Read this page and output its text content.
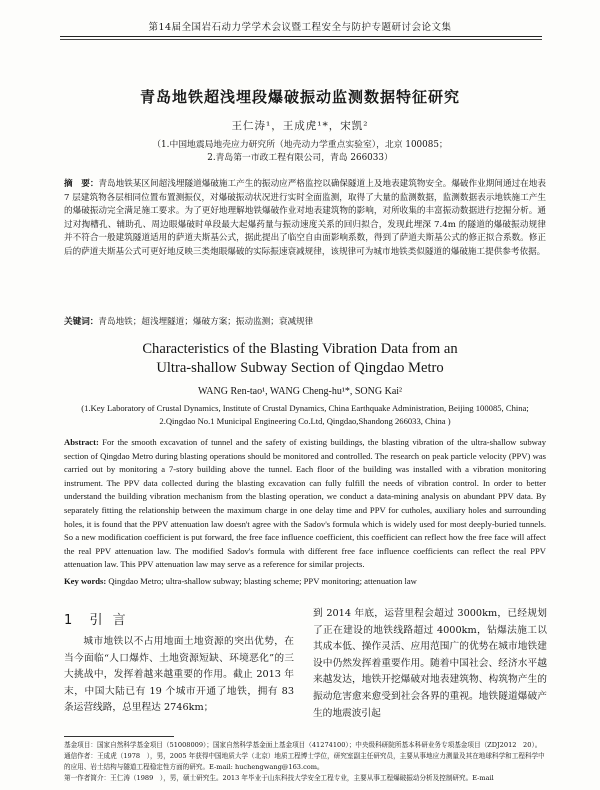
第14届全国岩石动力学学术会议暨工程安全与防护专题研讨会论文集
青岛地铁超浅埋段爆破振动监测数据特征研究
王仁涛¹，王成虎¹*，宋凯²
（1.中国地震局地壳应力研究所（地壳动力学重点实验室），北京 100085；
2.青岛第一市政工程有限公司，青岛 266033）
摘　要：青岛地铁某区间超浅埋隧道爆破施工产生的振动应严格监控以确保隧道上及地表建筑物安全。爆破作业期间通过在地表 7 层建筑物各层相同位置布置测振仪，对爆破振动状况进行实时全面监测，取得了大量的监测数据，监测数据表示地铁施工产生的爆破振动完全满足施工要求。为了更好地理解地铁爆破作业对地表建筑物的影响，对所收集的丰富振动数据进行挖掘分析。通过对掏槽孔、辅助孔、周边眼爆破时单段最大起爆药量与振动速度关系的回归拟合，发现此埋深 7.4m 的隧道的爆破振动规律并不符合一般建筑隧道适用的萨道夫斯基公式，据此提出了临空自由面影响系数，得到了萨道夫斯基公式的修正拟合系数。修正后的萨道夫斯基公式可更好地反映三类炮眼爆破的实际振速衰减规律，该规律可为城市地铁类似隧道的爆破施工提供参考依据。
关键词：青岛地铁；超浅埋隧道；爆破方案；振动监测；衰减规律
Characteristics of the Blasting Vibration Data from an
Ultra-shallow Subway Section of Qingdao Metro
WANG Ren-tao¹, WANG Cheng-hu¹*, SONG Kai²
(1.Key Laboratory of Crustal Dynamics, Institute of Crustal Dynamics, China Earthquake Administration, Beijing 100085, China;
2.Qingdao No.1 Municipal Engineering Co.Ltd, Qingdao,Shandong 266033, China )
Abstract: For the smooth excavation of tunnel and the safety of existing buildings, the blasting vibration of the ultra-shallow subway section of Qingdao Metro during blasting operations should be monitored and controlled. The research on peak particle velocity (PPV) was carried out by monitoring a 7-story building above the tunnel. Each floor of the building was installed with a vibration monitoring instrument. The PPV data collected during the blasting excavation can fully fulfill the needs of vibration control. In order to better understand the building vibration mechanism from the blasting operation, we conduct a data-mining analysis on abundant PPV data. By separately fitting the relationship between the maximum charge in one delay time and PPV for cutholes, auxiliary holes and surrounding holes, it is found that the PPV attenuation law doesn't agree with the Sadov's formula which is widely used for most deeply-buried tunnels. So a new modification coefficient is put forward, the free face influence coefficient, this coefficient can reflect how the free face will affect the real PPV attenuation law. The modified Sadov's formula with different free face influence coefficients can reflect the real PPV attenuation law. This PPV attenuation law may serve as a reference for similar projects.
Key words: Qingdao Metro; ultra-shallow subway; blasting scheme; PPV monitoring; attenuation law
1 引 言

城市地铁以不占用地面土地资源的突出优势，在当今面临“人口爆炸、土地资源短缺、环境恶化”的三大挑战中，发挥着越来越重要的作用。截止 2013 年末，中国大陆已有 19 个城市开通了地铁，拥有 83 条运营线路，总里程达 2746km；

到 2014 年底，运营里程会超过 3000km，已经规划了正在建设的地铁线路超过 4000km，钻爆法施工以其成本低、操作灵活、应用范围广的优势在城市地铁建设中仍然发挥着重要作用。随着中国社会、经济水平越来越发达，地铁开挖爆破对地表建筑物、构筑物产生的振动危害愈来愈受到社会各界的重视。地铁隧道爆破产生的地震波引起

基金项目：国家自然科学基金项目（51008009）；国家自然科学基金面上基金项目（41274100）；中央级科研院所基本科研业务专项基金项目（ZDJ2012　20）。

通信作者：王成虎（1978　），男，2005 年获得中国地质大学（北京）地质工程博士学位，研究室副主任研究员，主要从事地应力测量及其在地球科学和工程科学中的应用、岩土结构与隧道工程稳定性方面的研究。E-mail: huchengwang@163.com。

第一作者简介：王仁涛（1989　），男，硕士研究生。2013 年毕业于山东科技大学安全工程专业，主要从事工程爆破振动分析及控制研究。E-mail
